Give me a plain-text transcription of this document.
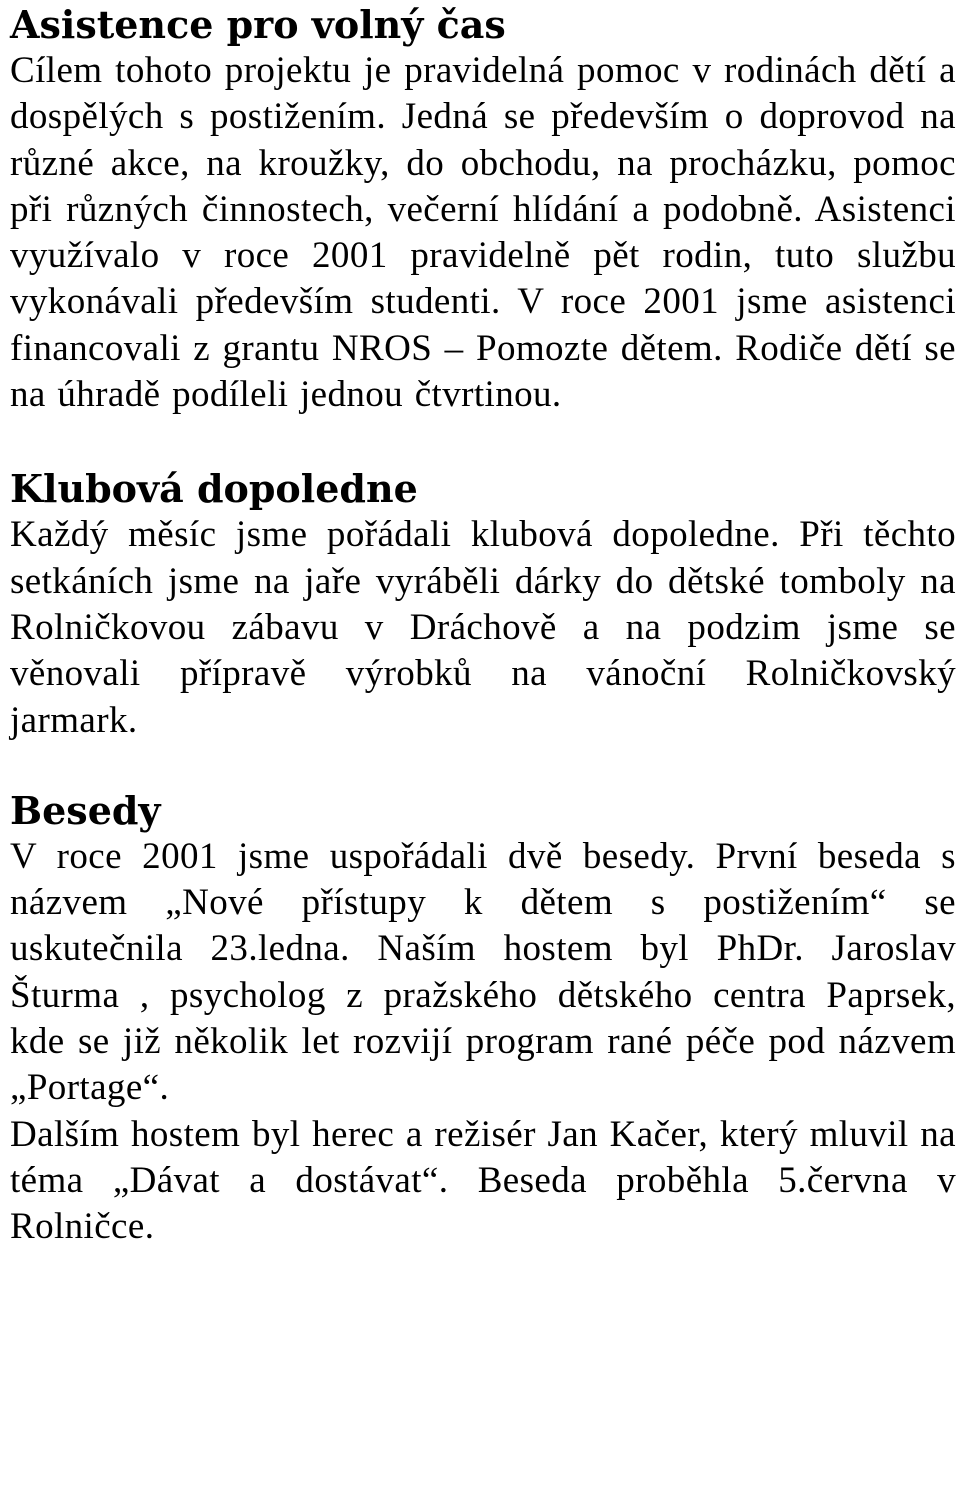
Asistence pro volný čas

Cílem tohoto projektu je pravidelná pomoc v rodinách dětí a dospělých s postižením. Jedná se především o doprovod na různé akce, na kroužky, do obchodu, na procházku, pomoc při různých činnostech, večerní hlídání a podobně. Asistenci využívalo v roce 2001 pravidelně pět rodin, tuto službu vykonávali především studenti. V roce 2001 jsme asistenci financovali z grantu NROS – Pomozte dětem. Rodiče dětí se na úhradě podíleli jednou čtvrtinou.

Klubová dopoledne

Každý měsíc jsme pořádali klubová dopoledne. Při těchto setkáních jsme na jaře vyráběli dárky do dětské tomboly na Rolničkovou zábavu v Dráchově a na podzim jsme se věnovali přípravě výrobků na vánoční Rolničkovský jarmark.

Besedy

V roce 2001 jsme uspořádali dvě besedy. První beseda s názvem „Nové přístupy k dětem s postižením“ se uskutečnila 23.ledna. Naším hostem byl PhDr. Jaroslav Šturma , psycholog z pražského dětského centra Paprsek, kde se již několik let rozvijí program rané péče pod názvem „Portage“.

Dalším hostem byl herec a režisér Jan Kačer, který mluvil na téma „Dávat a dostávat“. Beseda proběhla 5.června v Rolničce.
